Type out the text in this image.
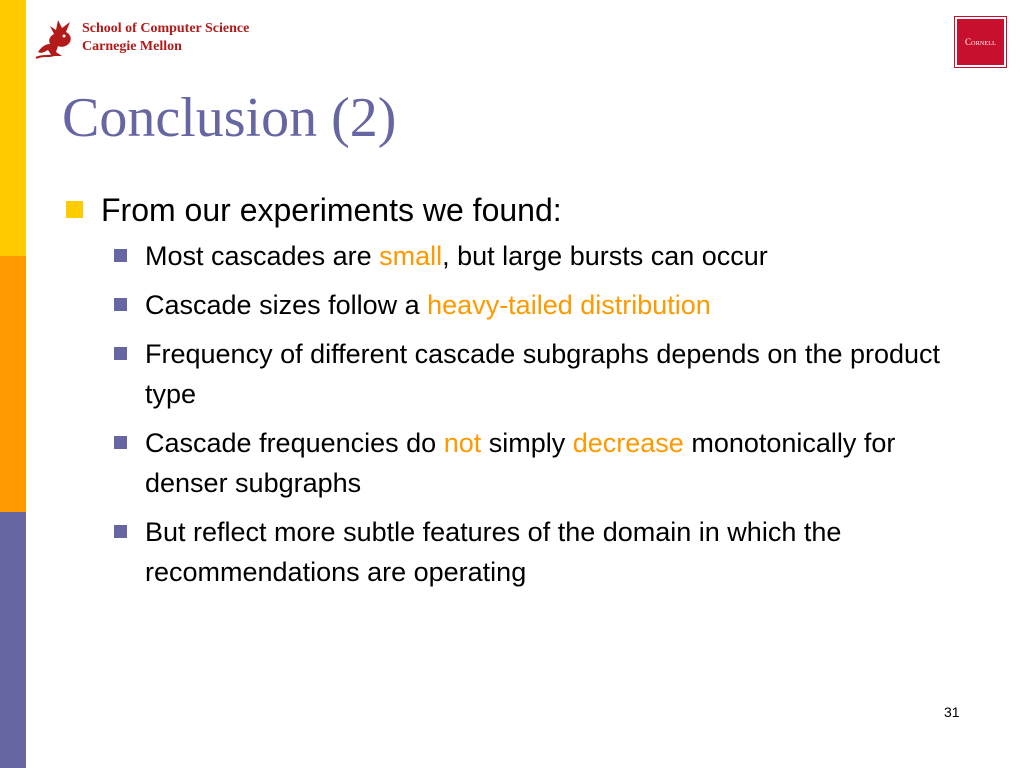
School of Computer Science
Carnegie Mellon	Cornell
Conclusion (2)
From our experiments we found:
Most cascades are small, but large bursts can occur
Cascade sizes follow a heavy-tailed distribution
Frequency of different cascade subgraphs depends on the product type
Cascade frequencies do not simply decrease monotonically for denser subgraphs
But reflect more subtle features of the domain in which the recommendations are operating
31
